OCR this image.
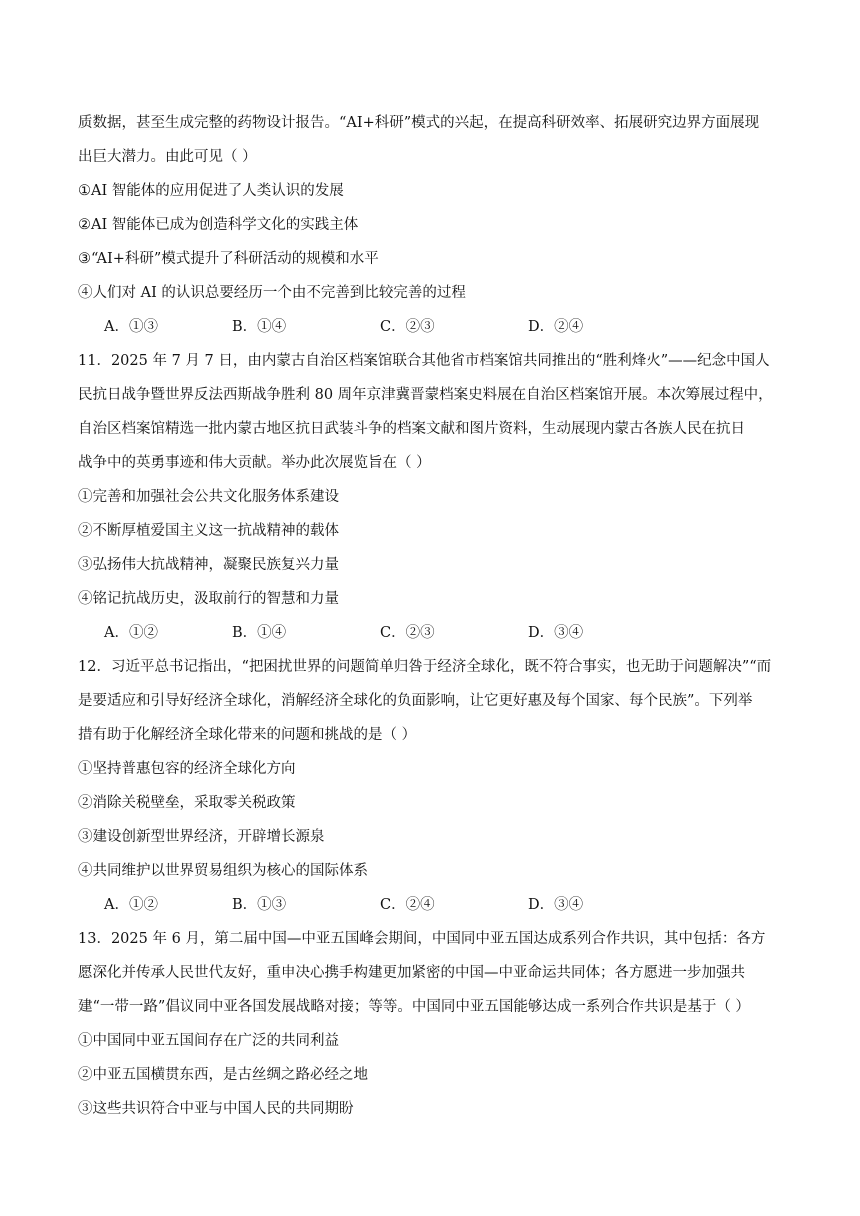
质数据，甚至生成完整的药物设计报告。“AI+科研”模式的兴起，在提高科研效率、拓展研究边界方面展现
出巨大潜力。由此可见（ ）
①AI 智能体的应用促进了人类认识的发展
②AI 智能体已成为创造科学文化的实践主体
③“AI+科研”模式提升了科研活动的规模和水平
④人们对 AI 的认识总要经历一个由不完善到比较完善的过程
A．①③	B．①④	C．②③	D．②④
11．2025 年 7 月 7 日，由内蒙古自治区档案馆联合其他省市档案馆共同推出的“胜利烽火”——纪念中国人
民抗日战争暨世界反法西斯战争胜利 80 周年京津冀晋蒙档案史料展在自治区档案馆开展。本次筹展过程中，
自治区档案馆精选一批内蒙古地区抗日武装斗争的档案文献和图片资料，生动展现内蒙古各族人民在抗日
战争中的英勇事迹和伟大贡献。举办此次展览旨在（ ）
①完善和加强社会公共文化服务体系建设
②不断厚植爱国主义这一抗战精神的载体
③弘扬伟大抗战精神，凝聚民族复兴力量
④铭记抗战历史，汲取前行的智慧和力量
A．①②	B．①④	C．②③	D．③④
12．习近平总书记指出，“把困扰世界的问题简单归咎于经济全球化，既不符合事实，也无助于问题解决”“而
是要适应和引导好经济全球化，消解经济全球化的负面影响，让它更好惠及每个国家、每个民族”。下列举
措有助于化解经济全球化带来的问题和挑战的是（ ）
①坚持普惠包容的经济全球化方向
②消除关税壁垒，采取零关税政策
③建设创新型世界经济，开辟增长源泉
④共同维护以世界贸易组织为核心的国际体系
A．①②	B．①③	C．②④	D．③④
13．2025 年 6 月，第二届中国—中亚五国峰会期间，中国同中亚五国达成系列合作共识，其中包括：各方
愿深化并传承人民世代友好，重申决心携手构建更加紧密的中国—中亚命运共同体；各方愿进一步加强共
建“一带一路”倡议同中亚各国发展战略对接；等等。中国同中亚五国能够达成一系列合作共识是基于（ ）
①中国同中亚五国间存在广泛的共同利益
②中亚五国横贯东西，是古丝绸之路必经之地
③这些共识符合中亚与中国人民的共同期盼
